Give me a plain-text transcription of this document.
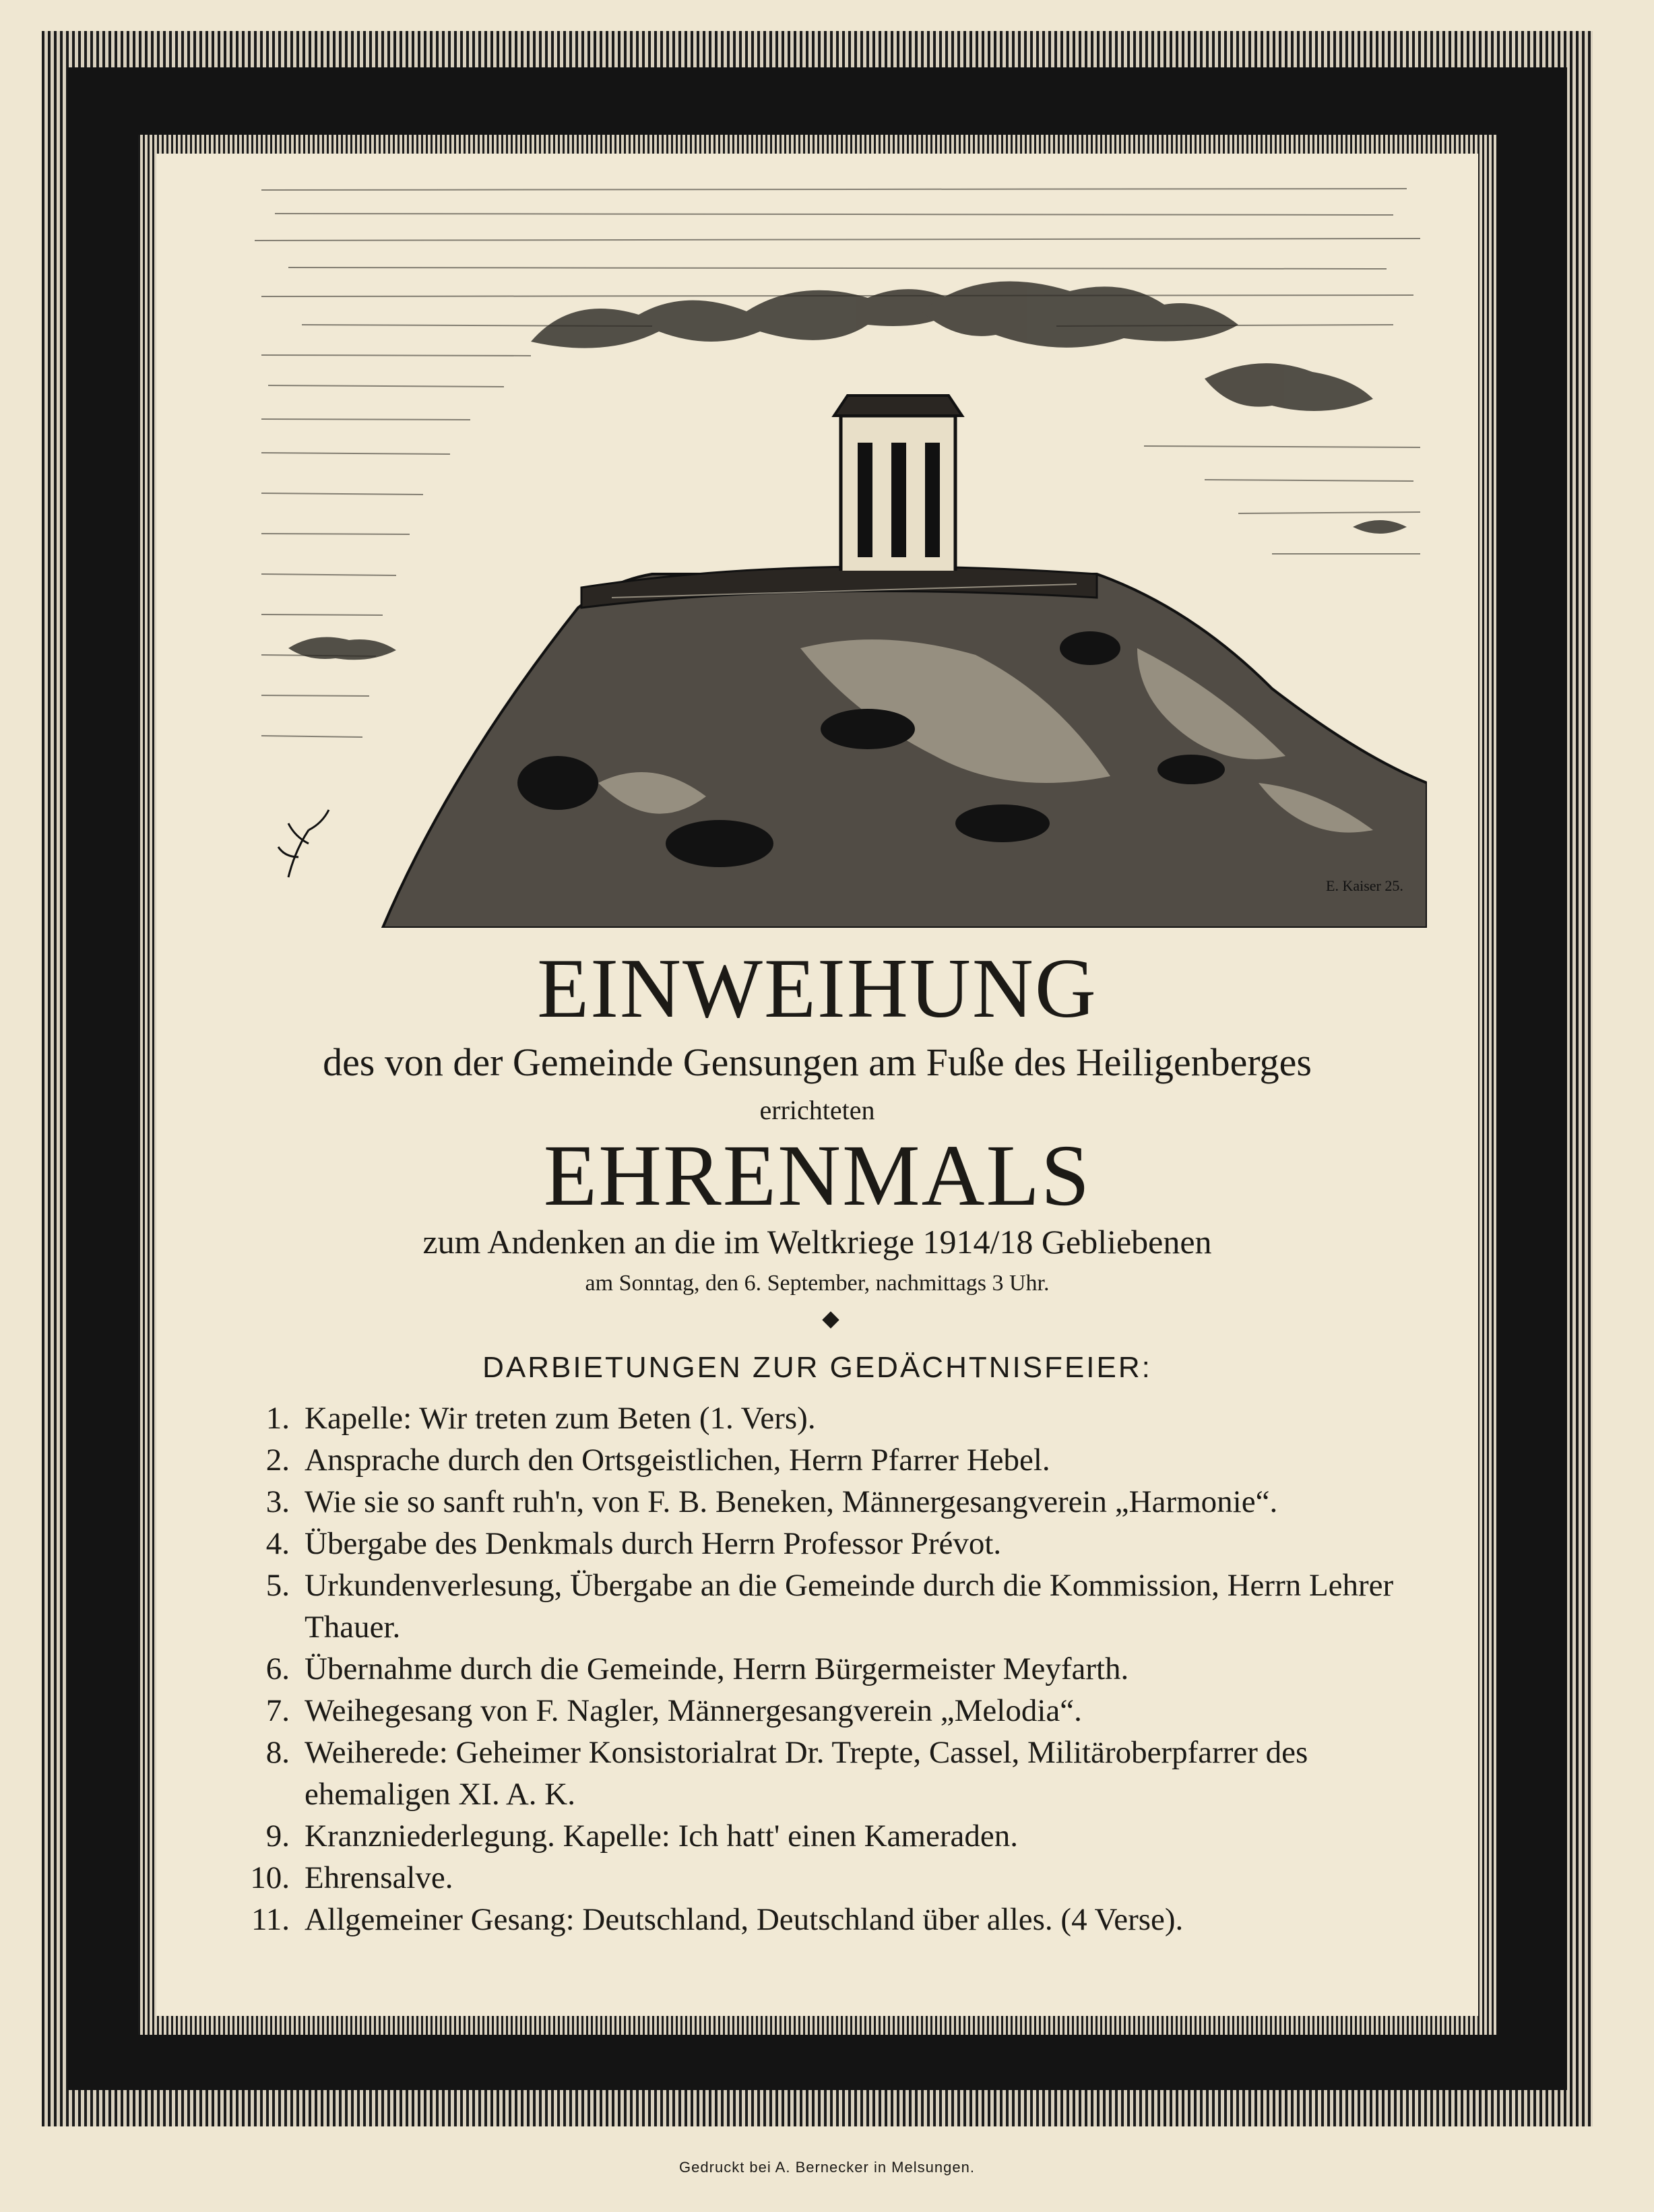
E. Kaiser 25.
EINWEIHUNG
des von der Gemeinde Gensungen am Fuße des Heiligenberges
errichteten
EHRENMALS
zum Andenken an die im Weltkriege 1914/18 Gebliebenen
am Sonntag, den 6. September, nachmittags 3 Uhr.
DARBIETUNGEN ZUR GEDÄCHTNISFEIER:
1. Kapelle: Wir treten zum Beten (1. Vers).
2. Ansprache durch den Ortsgeistlichen, Herrn Pfarrer Hebel.
3. Wie sie so sanft ruh'n, von F. B. Beneken, Männergesangverein „Harmonie“.
4. Übergabe des Denkmals durch Herrn Professor Prévot.
5. Urkundenverlesung, Übergabe an die Gemeinde durch die Kommission, Herrn Lehrer Thauer.
6. Übernahme durch die Gemeinde, Herrn Bürgermeister Meyfarth.
7. Weihegesang von F. Nagler, Männergesangverein „Melodia“.
8. Weiherede: Geheimer Konsistorialrat Dr. Trepte, Cassel, Militäroberpfarrer des ehemaligen XI. A. K.
9. Kranzniederlegung. Kapelle: Ich hatt' einen Kameraden.
10. Ehrensalve.
11. Allgemeiner Gesang: Deutschland, Deutschland über alles. (4 Verse).
Gedruckt bei A. Bernecker in Melsungen.
